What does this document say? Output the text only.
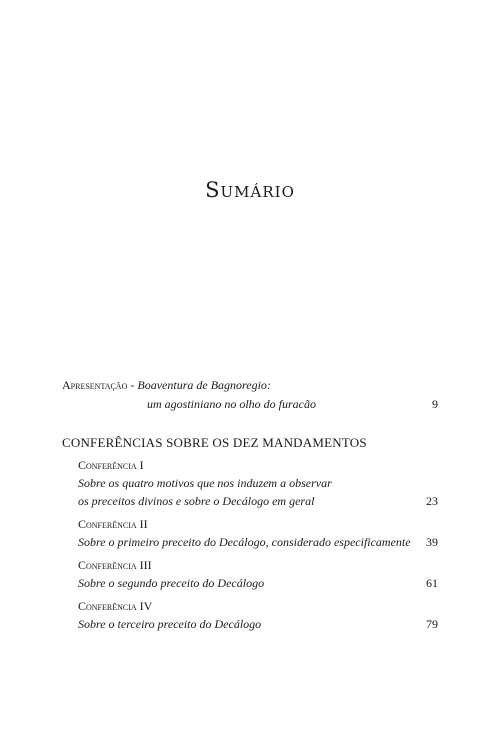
Sumário
Apresentação - Boaventura de Bagnoregio:
um agostiniano no olho do furacão	9
CONFERÊNCIAS SOBRE OS DEZ MANDAMENTOS
Conferência I
Sobre os quatro motivos que nos induzem a observar
os preceitos divinos e sobre o Decálogo em geral	23
Conferência II
Sobre o primeiro preceito do Decálogo, considerado especificamente	39
Conferência III
Sobre o segundo preceito do Decálogo	61
Conferência IV
Sobre o terceiro preceito do Decálogo	79
